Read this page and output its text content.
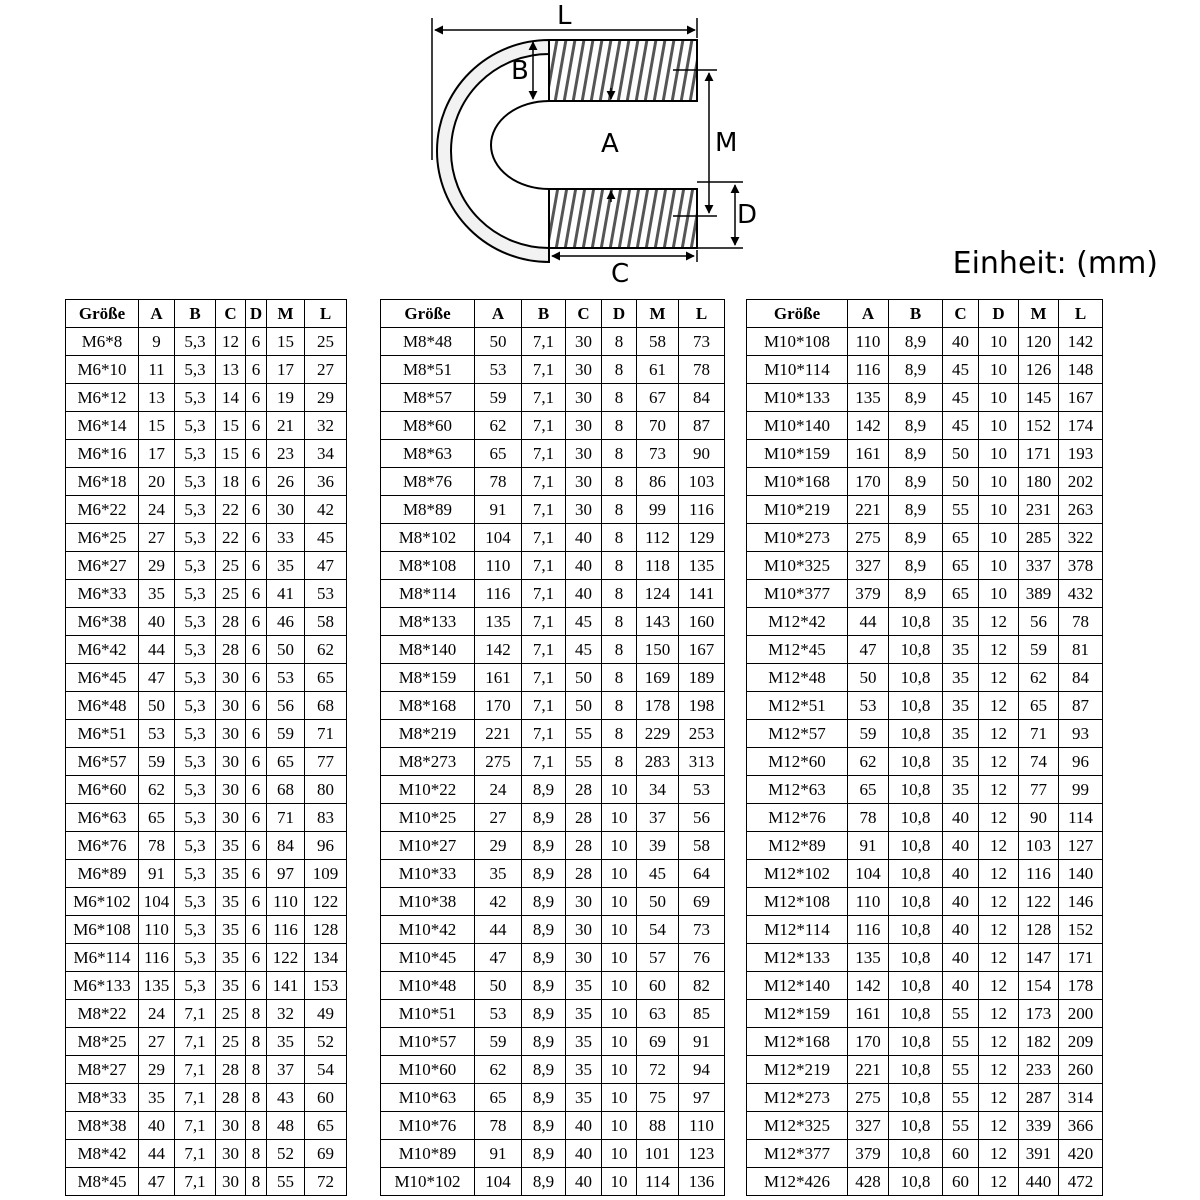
L
B
A	M
D
C	Einheit: (mm)
Größe	A	B	C	D	M	L		Größe	A	B	C	D	M	L		Größe	A	B	C	D	M	L
M6*8	9	5,3	12	6	15	25		M8*48	50	7,1	30	8	58	73		M10*108	110	8,9	40	10	120	142
M6*10	11	5,3	13	6	17	27		M8*51	53	7,1	30	8	61	78		M10*114	116	8,9	45	10	126	148
M6*12	13	5,3	14	6	19	29		M8*57	59	7,1	30	8	67	84		M10*133	135	8,9	45	10	145	167
M6*14	15	5,3	15	6	21	32		M8*60	62	7,1	30	8	70	87		M10*140	142	8,9	45	10	152	174
M6*16	17	5,3	15	6	23	34		M8*63	65	7,1	30	8	73	90		M10*159	161	8,9	50	10	171	193
M6*18	20	5,3	18	6	26	36		M8*76	78	7,1	30	8	86	103		M10*168	170	8,9	50	10	180	202
M6*22	24	5,3	22	6	30	42		M8*89	91	7,1	30	8	99	116		M10*219	221	8,9	55	10	231	263
M6*25	27	5,3	22	6	33	45		M8*102	104	7,1	40	8	112	129		M10*273	275	8,9	65	10	285	322
M6*27	29	5,3	25	6	35	47		M8*108	110	7,1	40	8	118	135		M10*325	327	8,9	65	10	337	378
M6*33	35	5,3	25	6	41	53		M8*114	116	7,1	40	8	124	141		M10*377	379	8,9	65	10	389	432
M6*38	40	5,3	28	6	46	58		M8*133	135	7,1	45	8	143	160		M12*42	44	10,8	35	12	56	78
M6*42	44	5,3	28	6	50	62		M8*140	142	7,1	45	8	150	167		M12*45	47	10,8	35	12	59	81
M6*45	47	5,3	30	6	53	65		M8*159	161	7,1	50	8	169	189		M12*48	50	10,8	35	12	62	84
M6*48	50	5,3	30	6	56	68		M8*168	170	7,1	50	8	178	198		M12*51	53	10,8	35	12	65	87
M6*51	53	5,3	30	6	59	71		M8*219	221	7,1	55	8	229	253		M12*57	59	10,8	35	12	71	93
M6*57	59	5,3	30	6	65	77		M8*273	275	7,1	55	8	283	313		M12*60	62	10,8	35	12	74	96
M6*60	62	5,3	30	6	68	80		M10*22	24	8,9	28	10	34	53		M12*63	65	10,8	35	12	77	99
M6*63	65	5,3	30	6	71	83		M10*25	27	8,9	28	10	37	56		M12*76	78	10,8	40	12	90	114
M6*76	78	5,3	35	6	84	96		M10*27	29	8,9	28	10	39	58		M12*89	91	10,8	40	12	103	127
M6*89	91	5,3	35	6	97	109		M10*33	35	8,9	28	10	45	64		M12*102	104	10,8	40	12	116	140
M6*102	104	5,3	35	6	110	122		M10*38	42	8,9	30	10	50	69		M12*108	110	10,8	40	12	122	146
M6*108	110	5,3	35	6	116	128		M10*42	44	8,9	30	10	54	73		M12*114	116	10,8	40	12	128	152
M6*114	116	5,3	35	6	122	134		M10*45	47	8,9	30	10	57	76		M12*133	135	10,8	40	12	147	171
M6*133	135	5,3	35	6	141	153		M10*48	50	8,9	35	10	60	82		M12*140	142	10,8	40	12	154	178
M8*22	24	7,1	25	8	32	49		M10*51	53	8,9	35	10	63	85		M12*159	161	10,8	55	12	173	200
M8*25	27	7,1	25	8	35	52		M10*57	59	8,9	35	10	69	91		M12*168	170	10,8	55	12	182	209
M8*27	29	7,1	28	8	37	54		M10*60	62	8,9	35	10	72	94		M12*219	221	10,8	55	12	233	260
M8*33	35	7,1	28	8	43	60		M10*63	65	8,9	35	10	75	97		M12*273	275	10,8	55	12	287	314
M8*38	40	7,1	30	8	48	65		M10*76	78	8,9	40	10	88	110		M12*325	327	10,8	55	12	339	366
M8*42	44	7,1	30	8	52	69		M10*89	91	8,9	40	10	101	123		M12*377	379	10,8	60	12	391	420
M8*45	47	7,1	30	8	55	72		M10*102	104	8,9	40	10	114	136		M12*426	428	10,8	60	12	440	472
